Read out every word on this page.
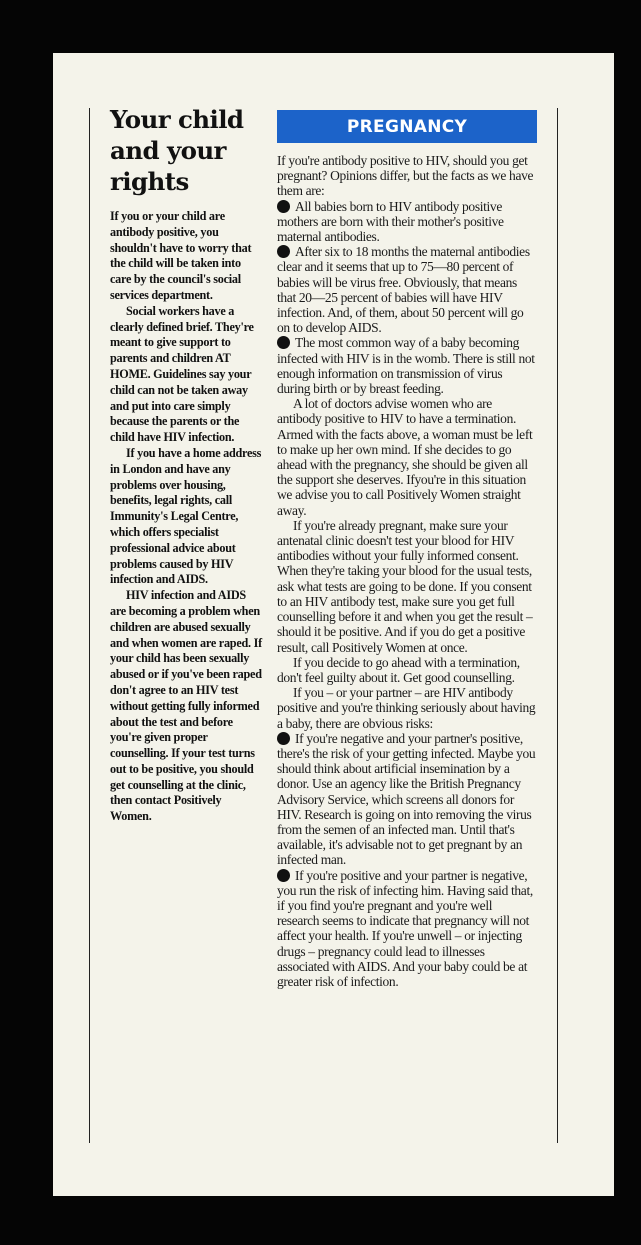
Your child and your rights

If you or your child are antibody positive, you shouldn't have to worry that the child will be taken into care by the council's social services department.

Social workers have a clearly defined brief. They're meant to give support to parents and children AT HOME. Guidelines say your child can not be taken away and put into care simply because the parents or the child have HIV infection.

If you have a home address in London and have any problems over housing, benefits, legal rights, call Immunity's Legal Centre, which offers specialist professional advice about problems caused by HIV infection and AIDS.

HIV infection and AIDS are becoming a problem when children are abused sexually and when women are raped. If your child has been sexually abused or if you've been raped don't agree to an HIV test without getting fully informed about the test and before you're given proper counselling. If your test turns out to be positive, you should get counselling at the clinic, then contact Positively Women.

PREGNANCY

If you're antibody positive to HIV, should you get pregnant? Opinions differ, but the facts as we have them are:

All babies born to HIV antibody positive mothers are born with their mother's positive maternal antibodies.

After six to 18 months the maternal antibodies clear and it seems that up to 75—80 percent of babies will be virus free. Obviously, that means that 20—25 percent of babies will have HIV infection. And, of them, about 50 percent will go on to develop AIDS.

The most common way of a baby becoming infected with HIV is in the womb. There is still not enough information on transmission of virus during birth or by breast feeding.

A lot of doctors advise women who are antibody positive to HIV to have a termination. Armed with the facts above, a woman must be left to make up her own mind. If she decides to go ahead with the pregnancy, she should be given all the support she deserves. Ifyou're in this situation we advise you to call Positively Women straight away.

If you're already pregnant, make sure your antenatal clinic doesn't test your blood for HIV antibodies without your fully informed consent. When they're taking your blood for the usual tests, ask what tests are going to be done. If you consent to an HIV antibody test, make sure you get full counselling before it and when you get the result – should it be positive. And if you do get a positive result, call Positively Women at once.

If you decide to go ahead with a termination, don't feel guilty about it. Get good counselling.

If you – or your partner – are HIV antibody positive and you're thinking seriously about having a baby, there are obvious risks:

If you're negative and your partner's positive, there's the risk of your getting infected. Maybe you should think about artificial insemination by a donor. Use an agency like the British Pregnancy Advisory Service, which screens all donors for HIV. Research is going on into removing the virus from the semen of an infected man. Until that's available, it's advisable not to get pregnant by an infected man.

If you're positive and your partner is negative, you run the risk of infecting him. Having said that, if you find you're pregnant and you're well research seems to indicate that pregnancy will not affect your health. If you're unwell – or injecting drugs – pregnancy could lead to illnesses associated with AIDS. And your baby could be at greater risk of infection.
